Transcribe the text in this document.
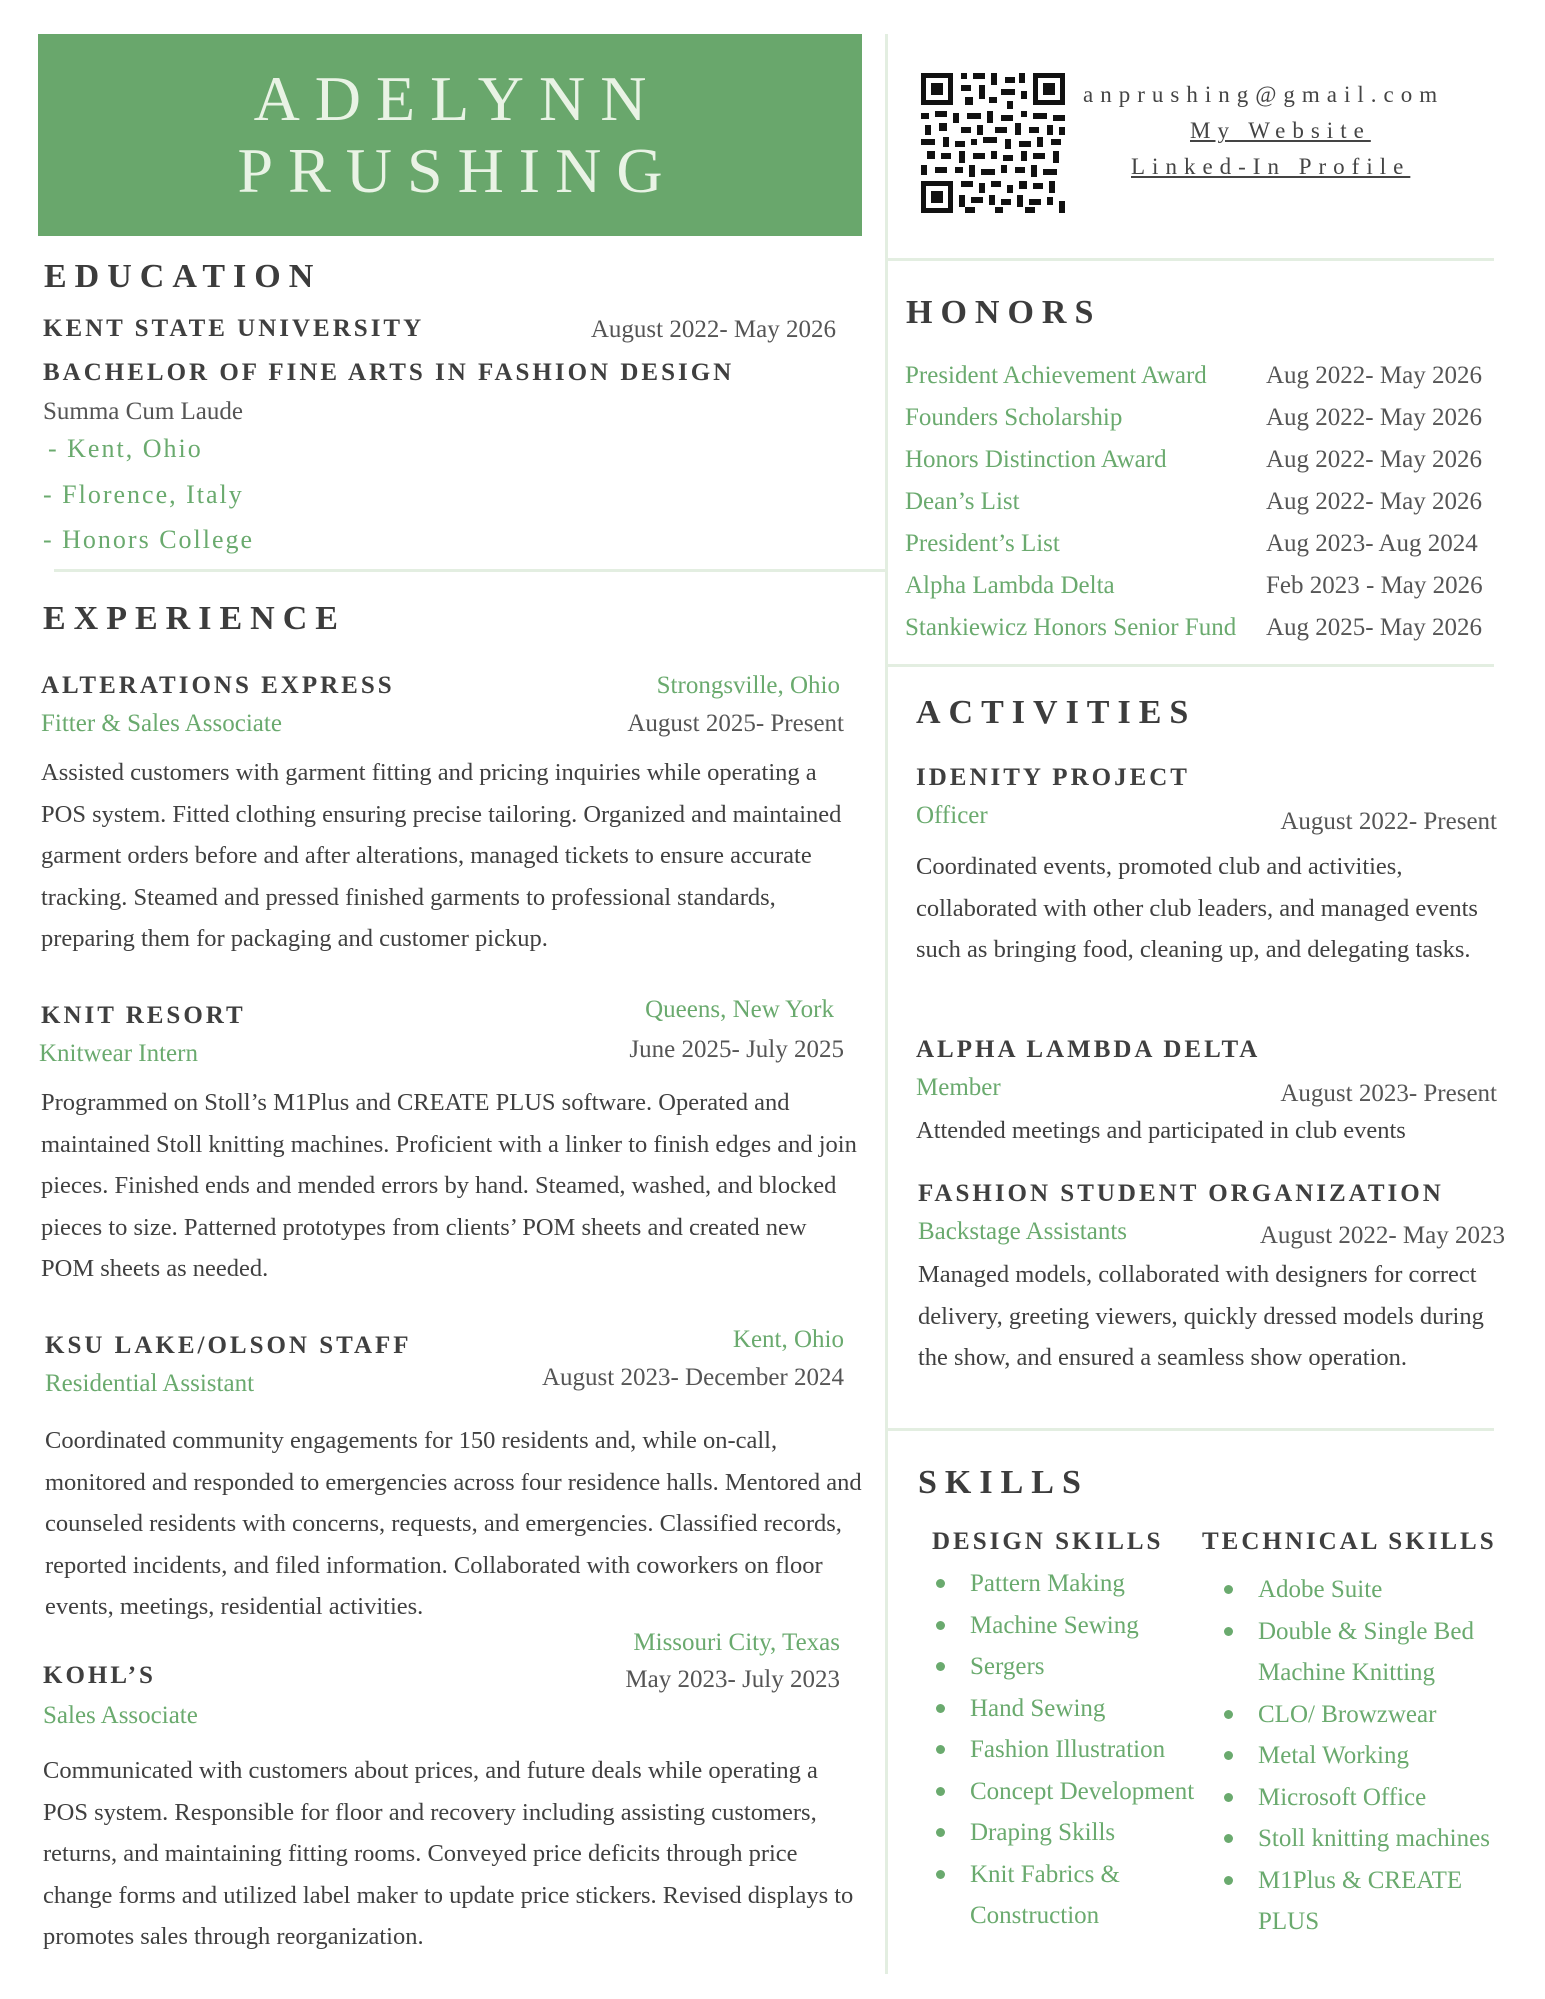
ADELYNN
PRUSHING
anprushing@gmail.com
My Website
Linked-In Profile
EDUCATION
KENT STATE UNIVERSITY	August 2022- May 2026
BACHELOR OF FINE ARTS IN FASHION DESIGN
Summa Cum Laude
- Kent, Ohio
- Florence, Italy
- Honors College
EXPERIENCE
ALTERATIONS EXPRESS	Strongsville, Ohio
Fitter & Sales Associate	August 2025- Present
Assisted customers with garment fitting and pricing inquiries while operating a POS system. Fitted clothing ensuring precise tailoring. Organized and maintained garment orders before and after alterations, managed tickets to ensure accurate tracking. Steamed and pressed finished garments to professional standards, preparing them for packaging and customer pickup.
KNIT RESORT	Queens, New York
Knitwear Intern	June 2025- July 2025
Programmed on Stoll’s M1Plus and CREATE PLUS software. Operated and maintained Stoll knitting machines. Proficient with a linker to finish edges and join pieces. Finished ends and mended errors by hand. Steamed, washed, and blocked pieces to size. Patterned prototypes from clients’ POM sheets and created new POM sheets as needed.
KSU LAKE/OLSON STAFF	Kent, Ohio
Residential Assistant	August 2023- December 2024
Coordinated community engagements for 150 residents and, while on-call, monitored and responded to emergencies across four residence halls. Mentored and counseled residents with concerns, requests, and emergencies. Classified records, reported incidents, and filed information. Collaborated with coworkers on floor events, meetings, residential activities.
Missouri City, Texas
KOHL’S	May 2023- July 2023
Sales Associate
Communicated with customers about prices, and future deals while operating a POS system. Responsible for floor and recovery including assisting customers, returns, and maintaining fitting rooms. Conveyed price deficits through price change forms and utilized label maker to update price stickers. Revised displays to promotes sales through reorganization.
HONORS
President Achievement Award Aug 2022- May 2026
Founders Scholarship	Aug 2022- May 2026
Honors Distinction Award	Aug 2022- May 2026
Dean’s List	Aug 2022- May 2026
President’s List	Aug 2023- Aug 2024
Alpha Lambda Delta	Feb 2023 - May 2026
Stankiewicz Honors Senior Fund Aug 2025- May 2026
ACTIVITIES
IDENITY PROJECT
Officer	August 2022- Present
Coordinated events, promoted club and activities, collaborated with other club leaders, and managed events such as bringing food, cleaning up, and delegating tasks.
ALPHA LAMBDA DELTA
Member	August 2023- Present
Attended meetings and participated in club events
FASHION STUDENT ORGANIZATION
Backstage Assistants	August 2022- May 2023
Managed models, collaborated with designers for correct delivery, greeting viewers, quickly dressed models during the show, and ensured a seamless show operation.
SKILLS
DESIGN SKILLS TECHNICAL SKILLS
Pattern Making
Machine Sewing
Sergers
Hand Sewing
Fashion Illustration
Concept Development
Draping Skills
Knit Fabrics & Construction
Adobe Suite
Double & Single Bed Machine Knitting
CLO/ Browzwear
Metal Working
Microsoft Office
Stoll knitting machines
M1Plus & CREATE PLUS
